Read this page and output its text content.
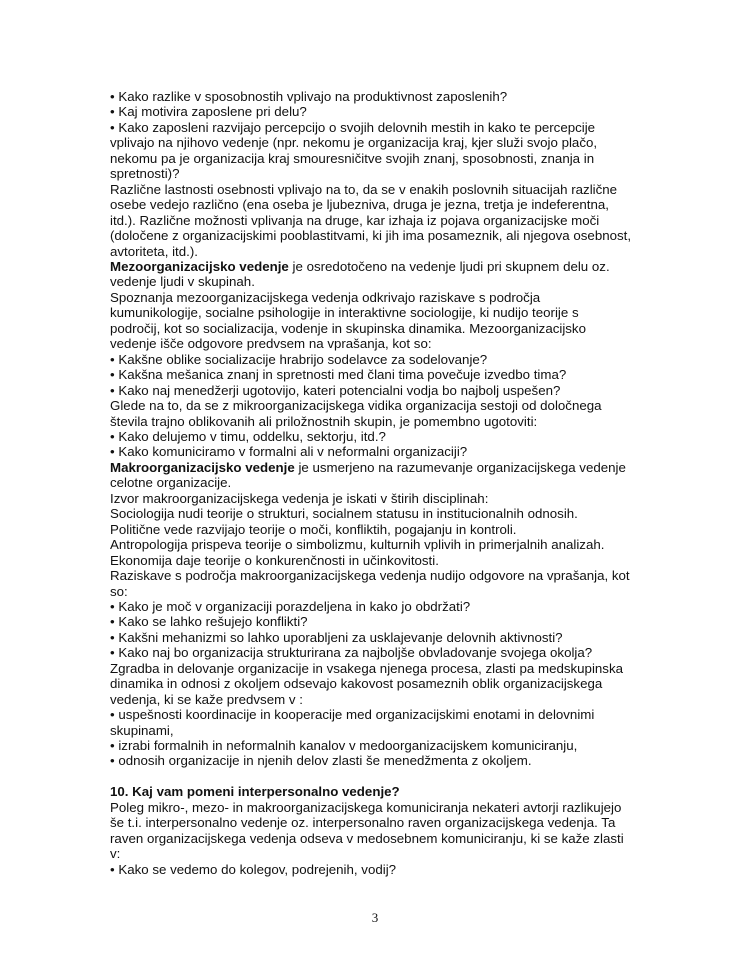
• Kako razlike v sposobnostih vplivajo na produktivnost zaposlenih?
• Kaj motivira zaposlene pri delu?
• Kako zaposleni razvijajo percepcijo o svojih delovnih mestih in kako te percepcije
vplivajo na njihovo vedenje (npr. nekomu je organizacija kraj, kjer služi svojo plačo,
nekomu pa je organizacija kraj smouresničitve svojih znanj, sposobnosti, znanja in
spretnosti)?
Različne lastnosti osebnosti vplivajo na to, da se v enakih poslovnih situacijah različne
osebe vedejo različno (ena oseba je ljubezniva, druga je jezna, tretja je indeferentna,
itd.). Različne možnosti vplivanja na druge, kar izhaja iz pojava organizacijske moči
(določene z organizacijskimi pooblastitvami, ki jih ima posameznik, ali njegova osebnost,
avtoriteta, itd.).
Mezoorganizacijsko vedenje je osredotočeno na vedenje ljudi pri skupnem delu oz.
vedenje ljudi v skupinah.
Spoznanja mezoorganizacijskega vedenja odkrivajo raziskave s področja
kumunikologije, socialne psihologije in interaktivne sociologije, ki nudijo teorije s
področij, kot so socializacija, vodenje in skupinska dinamika. Mezoorganizacijsko
vedenje išče odgovore predvsem na vprašanja, kot so:
• Kakšne oblike socializacije hrabrijo sodelavce za sodelovanje?
• Kakšna mešanica znanj in spretnosti med člani tima povečuje izvedbo tima?
• Kako naj menedžerji ugotovijo, kateri potencialni vodja bo najbolj uspešen?
Glede na to, da se z mikroorganizacijskega vidika organizacija sestoji od določnega
števila trajno oblikovanih ali priložnostnih skupin, je pomembno ugotoviti:
• Kako delujemo v timu, oddelku, sektorju, itd.?
• Kako komuniciramo v formalni ali v neformalni organizaciji?
Makroorganizacijsko vedenje je usmerjeno na razumevanje organizacijskega vedenje
celotne organizacije.
Izvor makroorganizacijskega vedenja je iskati v štirih disciplinah:
Sociologija nudi teorije o strukturi, socialnem statusu in institucionalnih odnosih.
Politične vede razvijajo teorije o moči, konfliktih, pogajanju in kontroli.
Antropologija prispeva teorije o simbolizmu, kulturnih vplivih in primerjalnih analizah.
Ekonomija daje teorije o konkurenčnosti in učinkovitosti.
Raziskave s področja makroorganizacijskega vedenja nudijo odgovore na vprašanja, kot
so:
• Kako je moč v organizaciji porazdeljena in kako jo obdržati?
• Kako se lahko rešujejo konflikti?
• Kakšni mehanizmi so lahko uporabljeni za usklajevanje delovnih aktivnosti?
• Kako naj bo organizacija strukturirana za najboljše obvladovanje svojega okolja?
Zgradba in delovanje organizacije in vsakega njenega procesa, zlasti pa medskupinska
dinamika in odnosi z okoljem odsevajo kakovost posameznih oblik organizacijskega
vedenja, ki se kaže predvsem v :
• uspešnosti koordinacije in kooperacije med organizacijskimi enotami in delovnimi
skupinami,
• izrabi formalnih in neformalnih kanalov v medoorganizacijskem komuniciranju,
• odnosih organizacije in njenih delov zlasti še menedžmenta z okoljem.
10. Kaj vam pomeni interpersonalno vedenje?
Poleg mikro-, mezo- in makroorganizacijskega komuniciranja nekateri avtorji razlikujejo
še t.i. interpersonalno vedenje oz. interpersonalno raven organizacijskega vedenja. Ta
raven organizacijskega vedenja odseva v medosebnem komuniciranju, ki se kaže zlasti
v:
• Kako se vedemo do kolegov, podrejenih, vodij?
3
